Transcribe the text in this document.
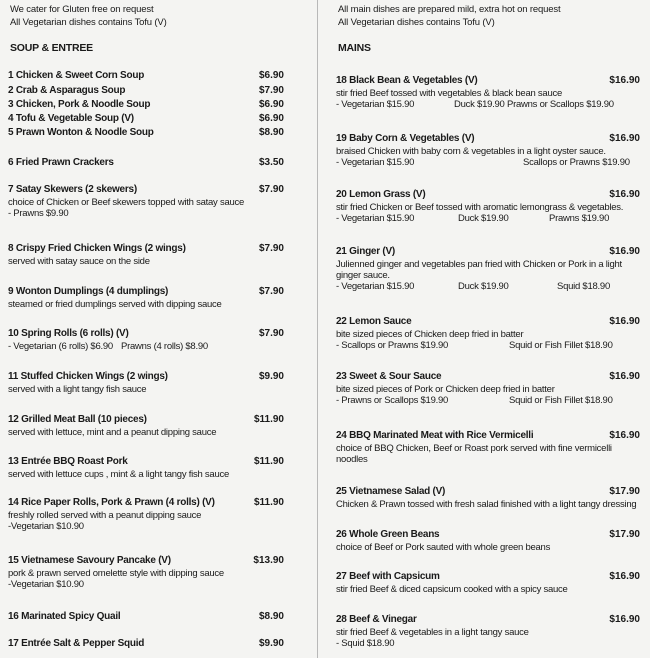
We cater for Gluten free on request
All Vegetarian dishes contains Tofu (V)
SOUP & ENTREE
1 Chicken & Sweet Corn Soup	$6.90
2 Crab & Asparagus Soup	$7.90
3 Chicken, Pork & Noodle Soup	$6.90
4 Tofu & Vegetable Soup (V)	$6.90
5 Prawn Wonton & Noodle Soup	$8.90
6 Fried Prawn Crackers	$3.50
7 Satay Skewers (2 skewers)	$7.90
choice of Chicken or Beef skewers topped with satay sauce
- Prawns $9.90
8 Crispy Fried Chicken Wings (2 wings)	$7.90
served with satay sauce on the side
9 Wonton Dumplings (4 dumplings)	$7.90
steamed or fried dumplings served with dipping sauce
10 Spring Rolls (6 rolls) (V)	$7.90
- Vegetarian (6 rolls) $6.90 Prawns (4 rolls) $8.90
11 Stuffed Chicken Wings (2 wings)	$9.90
served with a light tangy fish sauce
12 Grilled Meat Ball (10 pieces)	$11.90
served with lettuce, mint and a peanut dipping sauce
13 Entrée BBQ Roast Pork	$11.90
served with lettuce cups , mint & a light tangy fish sauce
14 Rice Paper Rolls, Pork & Prawn (4 rolls) (V)	$11.90
freshly rolled served with a peanut dipping sauce
-Vegetarian $10.90
15 Vietnamese Savoury Pancake (V)	$13.90
pork & prawn served omelette style with dipping sauce
-Vegetarian $10.90
16 Marinated Spicy Quail	$8.90
17 Entrée Salt & Pepper Squid	$9.90
All main dishes are prepared mild, extra hot on request
All Vegetarian dishes contains Tofu (V)
MAINS
18 Black Bean & Vegetables (V)	$16.90
stir fried Beef tossed with vegetables & black bean sauce
- Vegetarian $15.90	Duck $19.90 Prawns or Scallops $19.90
19 Baby Corn & Vegetables (V)	$16.90
braised Chicken with baby corn & vegetables in a light oyster sauce.
- Vegetarian $15.90	Scallops or Prawns $19.90
20 Lemon Grass (V)	$16.90
stir fried Chicken or Beef tossed with aromatic lemongrass & vegetables.
- Vegetarian $15.90	Duck $19.90	Prawns $19.90
21 Ginger (V)	$16.90
Julienned ginger and vegetables pan fried with Chicken or Pork in a light
ginger sauce.
- Vegetarian $15.90	Duck $19.90	Squid $18.90
22 Lemon Sauce	$16.90
bite sized pieces of Chicken deep fried in batter
- Scallops or Prawns $19.90	Squid or Fish Fillet $18.90
23 Sweet & Sour Sauce	$16.90
bite sized pieces of Pork or Chicken deep fried in batter
- Prawns or Scallops $19.90	Squid or Fish Fillet $18.90
24 BBQ Marinated Meat with Rice Vermicelli	$16.90
choice of BBQ Chicken, Beef or Roast pork served with fine vermicelli
noodles
25 Vietnamese Salad (V)	$17.90
Chicken & Prawn tossed with fresh salad finished with a light tangy dressing
26 Whole Green Beans	$17.90
choice of Beef or Pork sauted with whole green beans
27 Beef with Capsicum	$16.90
stir fried Beef & diced capsicum cooked with a spicy sauce
28 Beef & Vinegar	$16.90
stir fried Beef & vegetables in a light tangy sauce
- Squid $18.90
